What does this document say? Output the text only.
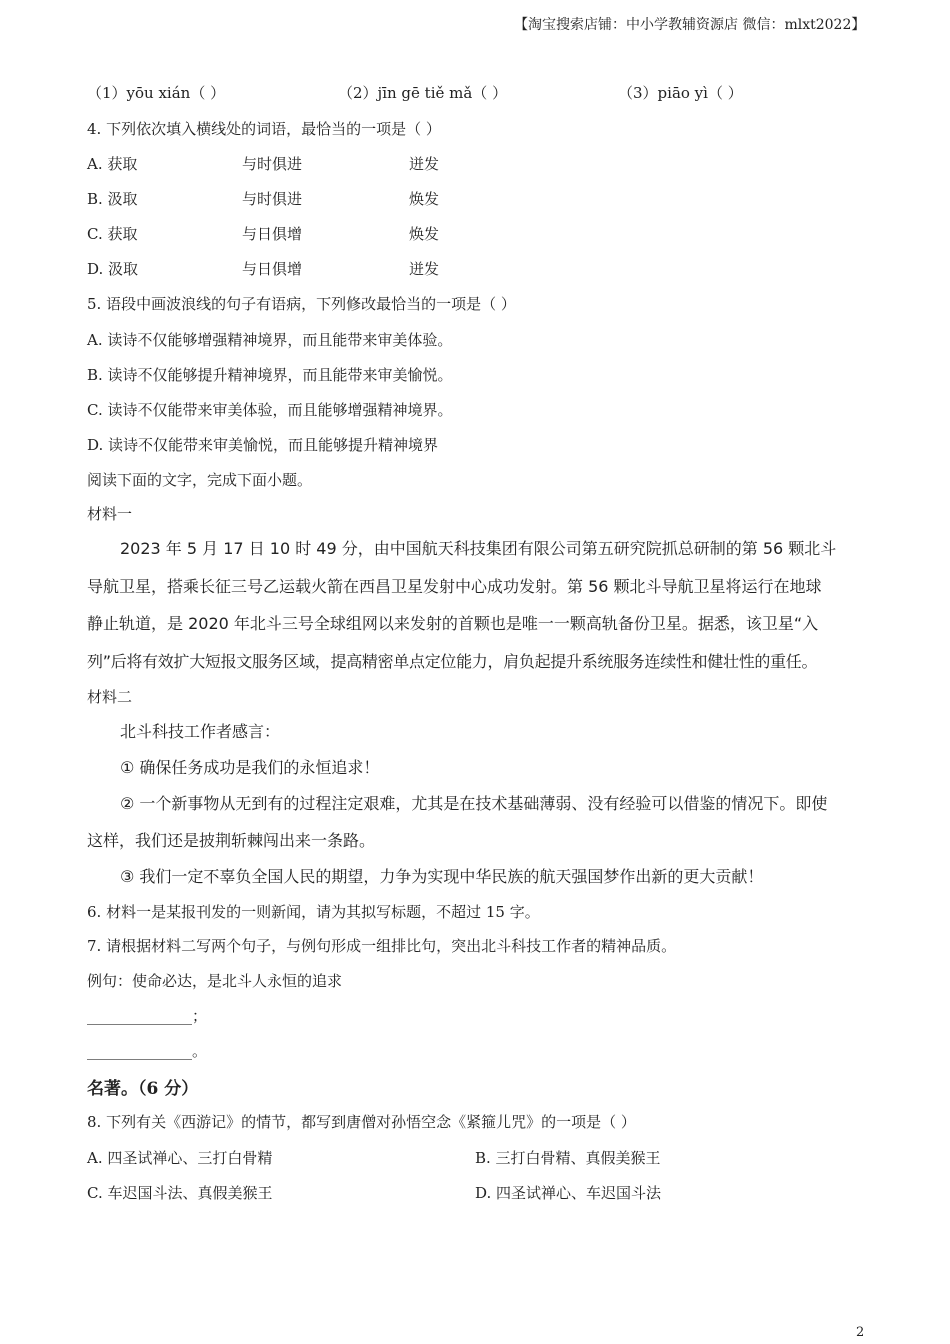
【淘宝搜索店铺：中小学教辅资源店 微信：mlxt2022】
（1）yōu xián（ ）	（2）jīn gē tiě mǎ（ ）	（3）piāo yì（ ）
4. 下列依次填入横线处的词语，最恰当的一项是（ ）
A. 获取	与时俱进	迸发
B. 汲取	与时俱进	焕发
C. 获取	与日俱增	焕发
D. 汲取	与日俱增	迸发
5. 语段中画波浪线的句子有语病，下列修改最恰当的一项是（ ）
A. 读诗不仅能够增强精神境界，而且能带来审美体验。
B. 读诗不仅能够提升精神境界，而且能带来审美愉悦。
C. 读诗不仅能带来审美体验，而且能够增强精神境界。
D. 读诗不仅能带来审美愉悦，而且能够提升精神境界
阅读下面的文字，完成下面小题。
材料一
2023 年 5 月 17 日 10 时 49 分，由中国航天科技集团有限公司第五研究院抓总研制的第 56 颗北斗
导航卫星，搭乘长征三号乙运载火箭在西昌卫星发射中心成功发射。第 56 颗北斗导航卫星将运行在地球
静止轨道，是 2020 年北斗三号全球组网以来发射的首颗也是唯一一颗高轨备份卫星。据悉，该卫星“入
列”后将有效扩大短报文服务区域，提高精密单点定位能力，肩负起提升系统服务连续性和健壮性的重任。
材料二
北斗科技工作者感言：
① 确保任务成功是我们的永恒追求！
② 一个新事物从无到有的过程注定艰难，尤其是在技术基础薄弱、没有经验可以借鉴的情况下。即使
这样，我们还是披荆斩棘闯出来一条路。
③ 我们一定不辜负全国人民的期望，力争为实现中华民族的航天强国梦作出新的更大贡献！
6. 材料一是某报刊发的一则新闻，请为其拟写标题，不超过 15 字。
7. 请根据材料二写两个句子，与例句形成一组排比句，突出北斗科技工作者的精神品质。
例句：使命必达，是北斗人永恒的追求
______________；
______________。
名著。（6 分）
8. 下列有关《西游记》的情节，都写到唐僧对孙悟空念《紧箍儿咒》的一项是（ ）
A. 四圣试禅心、三打白骨精	B. 三打白骨精、真假美猴王
C. 车迟国斗法、真假美猴王	D. 四圣试禅心、车迟国斗法
2
